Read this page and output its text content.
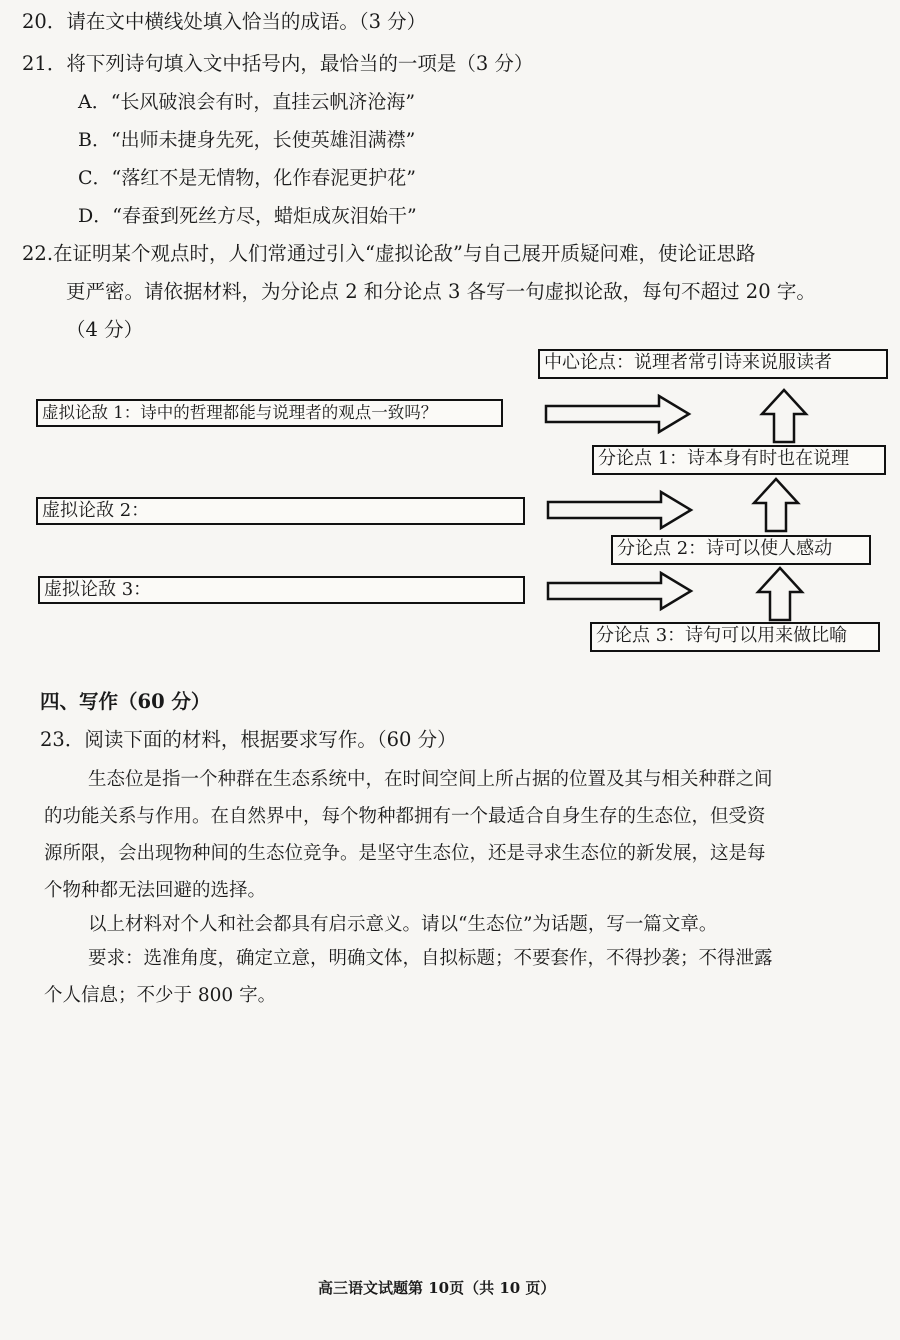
20．请在文中横线处填入恰当的成语。（3 分）
21．将下列诗句填入文中括号内，最恰当的一项是（3 分）
A．“长风破浪会有时，直挂云帆济沧海”
B．“出师未捷身先死，长使英雄泪满襟”
C．“落红不是无情物，化作春泥更护花”
D．“春蚕到死丝方尽，蜡炬成灰泪始干”
22.在证明某个观点时，人们常通过引入“虚拟论敌”与自己展开质疑问难，使论证思路
更严密。请依据材料，为分论点 2 和分论点 3 各写一句虚拟论敌，每句不超过 20 字。
（4 分）
中心论点：说理者常引诗来说服读者
虚拟论敌 1：诗中的哲理都能与说理者的观点一致吗？
虚拟论敌 2：
虚拟论敌 3：
分论点 1：诗本身有时也在说理
分论点 2：诗可以使人感动
分论点 3：诗句可以用来做比喻
四、写作（60 分）
23．阅读下面的材料，根据要求写作。（60 分）
生态位是指一个种群在生态系统中，在时间空间上所占据的位置及其与相关种群之间
的功能关系与作用。在自然界中，每个物种都拥有一个最适合自身生存的生态位，但受资
源所限，会出现物种间的生态位竞争。是坚守生态位，还是寻求生态位的新发展，这是每
个物种都无法回避的选择。
以上材料对个人和社会都具有启示意义。请以“生态位”为话题，写一篇文章。
要求：选准角度，确定立意，明确文体，自拟标题；不要套作，不得抄袭；不得泄露
个人信息；不少于 800 字。
高三语文试题第 10页（共 10 页）
